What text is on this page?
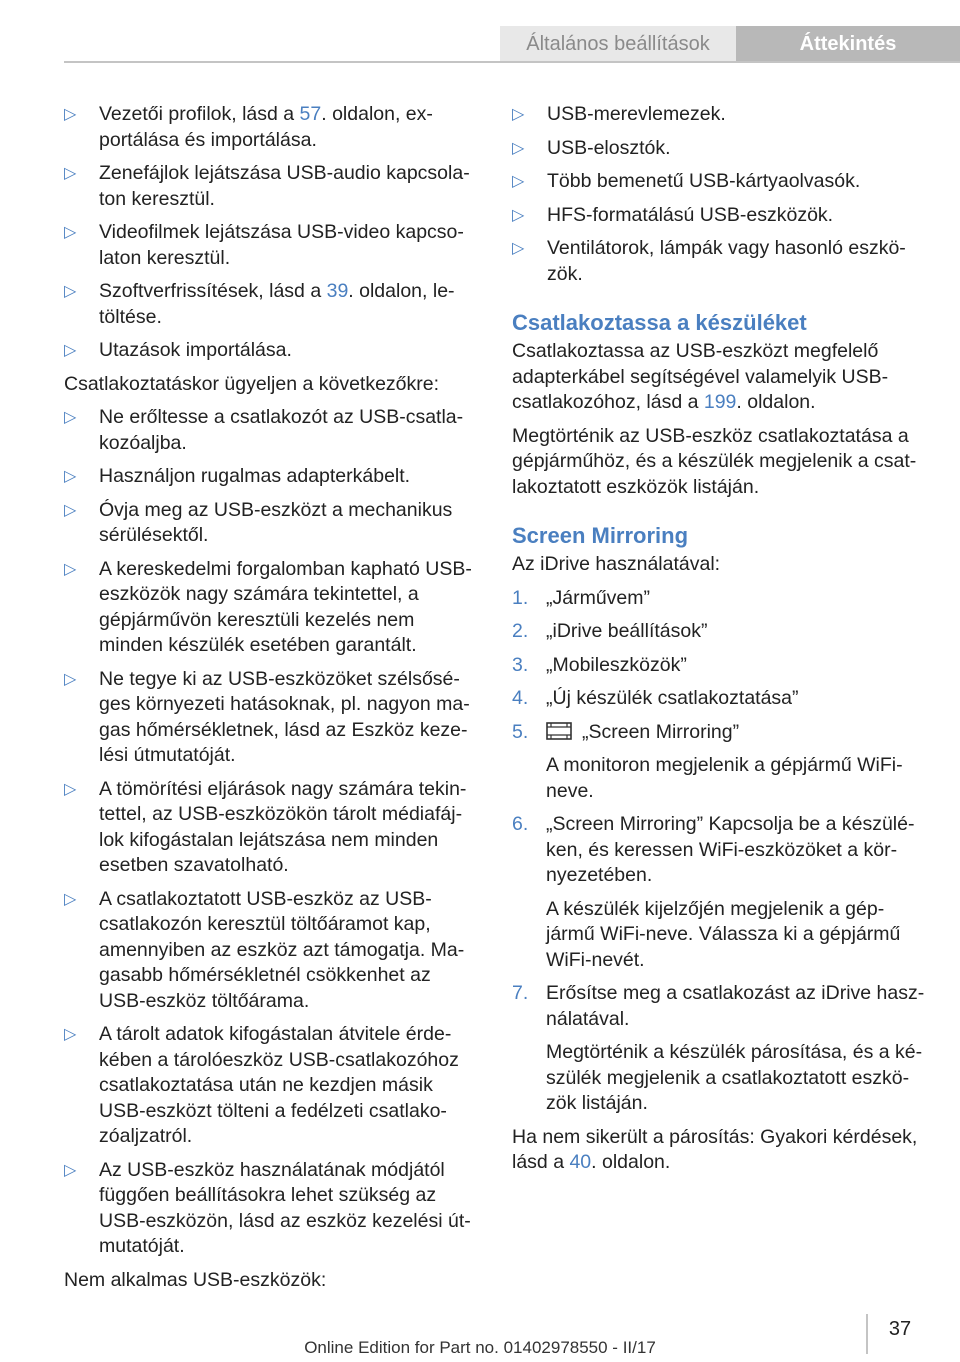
Általános beállítások	Áttekintés
▷ Vezetői profilok, lásd a 57. oldalon, exportálása és importálása.
▷ Zenefájlok lejátszása USB-audio kapcsolaton keresztül.
▷ Videofilmek lejátszása USB-video kapcsolaton keresztül.
▷ Szoftverfrissítések, lásd a 39. oldalon, letöltése.
▷ Utazások importálása.
Csatlakoztatáskor ügyeljen a következőkre:
▷ Ne erőltesse a csatlakozót az USB-csatlakozóaljba.
▷ Használjon rugalmas adapterkábelt.
▷ Óvja meg az USB-eszközt a mechanikus sérülésektől.
▷ A kereskedelmi forgalomban kapható USB-eszközök nagy számára tekintettel, a gépjárművön keresztüli kezelés nem minden készülék esetében garantált.
▷ Ne tegye ki az USB-eszközöket szélsőséges környezeti hatásoknak, pl. nagyon magas hőmérsékletnek, lásd az Eszköz kezelési útmutatóját.
▷ A tömörítési eljárások nagy számára tekintettel, az USB-eszközökön tárolt médiafájlok kifogástalan lejátszása nem minden esetben szavatolható.
▷ A csatlakoztatott USB-eszköz az USB-csatlakozón keresztül töltőáramot kap, amennyiben az eszköz azt támogatja. Magasabb hőmérsékletnél csökkenhet az USB-eszköz töltőárama.
▷ A tárolt adatok kifogástalan átvitele érdekében a tárolóeszköz USB-csatlakozóhoz csatlakoztatása után ne kezdjen másik USB-eszközt tölteni a fedélzeti csatlakozóaljzatról.
▷ Az USB-eszköz használatának módjától függően beállításokra lehet szükség az USB-eszközön, lásd az eszköz kezelési útmutatóját.
Nem alkalmas USB-eszközök:
▷ USB-merevlemezek.
▷ USB-elosztók.
▷ Több bemenetű USB-kártyaolvasók.
▷ HFS-formatálású USB-eszközök.
▷ Ventilátorok, lámpák vagy hasonló eszközök.
Csatlakoztassa a készüléket
Csatlakoztassa az USB-eszközt megfelelő adapterkábel segítségével valamelyik USB-csatlakozóhoz, lásd a 199. oldalon.
Megtörténik az USB-eszköz csatlakoztatása a gépjárműhöz, és a készülék megjelenik a csatlakoztatott eszközök listáján.
Screen Mirroring
Az iDrive használatával:
1. „Járművem”
2. „iDrive beállítások”
3. „Mobileszközök”
4. „Új készülék csatlakoztatása”
5.	„Screen Mirroring”
A monitoron megjelenik a gépjármű WiFi-neve.
6. „Screen Mirroring” Kapcsolja be a készüléken, és keressen WiFi-eszközöket a környezetében.
A készülék kijelzőjén megjelenik a gépjármű WiFi-neve. Válassza ki a gépjármű WiFi-nevét.
7. Erősítse meg a csatlakozást az iDrive használatával.
Megtörténik a készülék párosítása, és a készülék megjelenik a csatlakoztatott eszközök listáján.
Ha nem sikerült a párosítás: Gyakori kérdések, lásd a 40. oldalon.
37
Online Edition for Part no. 01402978550 - II/17
